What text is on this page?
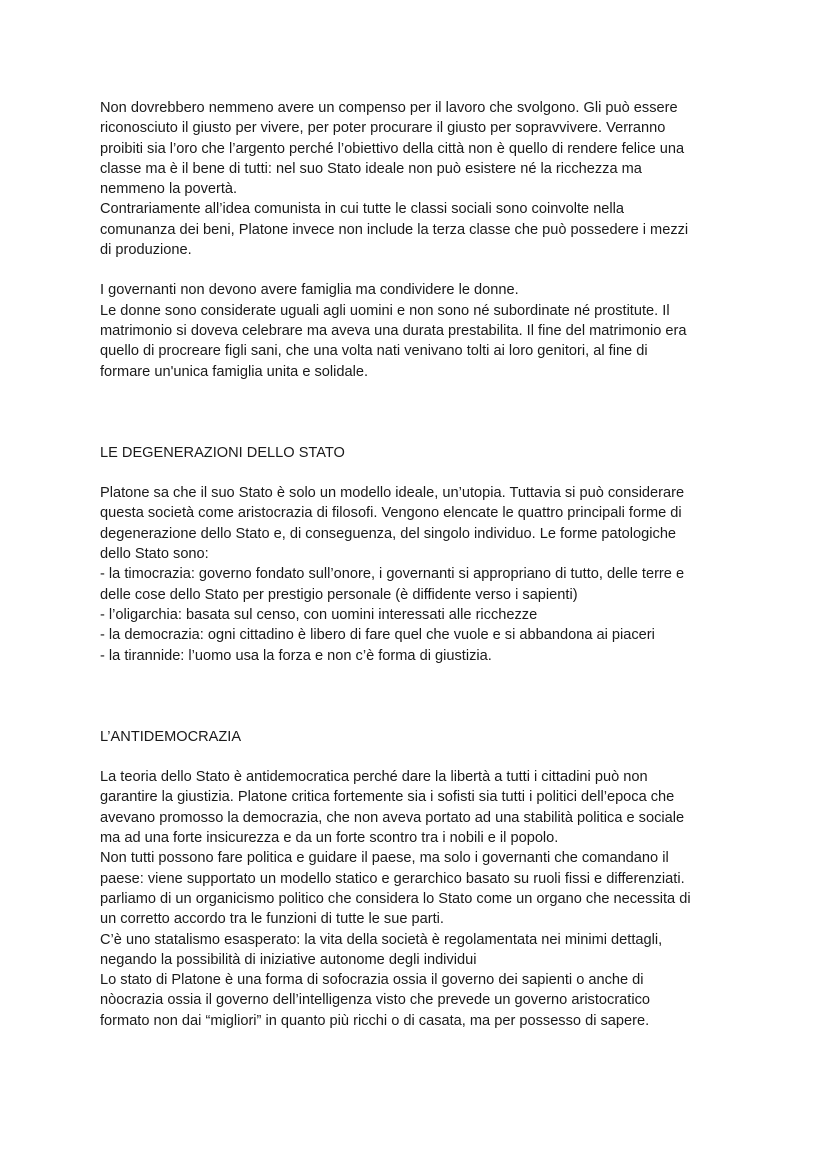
Non dovrebbero nemmeno avere un compenso per il lavoro che svolgono. Gli può essere
riconosciuto il giusto per vivere, per poter procurare il giusto per sopravvivere. Verranno
proibiti sia l’oro che l’argento perché l’obiettivo della città non è quello di rendere felice una
classe ma è il bene di tutti: nel suo Stato ideale non può esistere né la ricchezza ma
nemmeno la povertà.

Contrariamente all’idea comunista in cui tutte le classi sociali sono coinvolte nella
comunanza dei beni, Platone invece non include la terza classe che può possedere i mezzi
di produzione.

I governanti non devono avere famiglia ma condividere le donne.

Le donne sono considerate uguali agli uomini e non sono né subordinate né prostitute. Il
matrimonio si doveva celebrare ma aveva una durata prestabilita. Il fine del matrimonio era
quello di procreare figli sani, che una volta nati venivano tolti ai loro genitori, al fine di
formare un'unica famiglia unita e solidale.

LE DEGENERAZIONI DELLO STATO

Platone sa che il suo Stato è solo un modello ideale, un’utopia. Tuttavia si può considerare
questa società come aristocrazia di filosofi. Vengono elencate le quattro principali forme di
degenerazione dello Stato e, di conseguenza, del singolo individuo. Le forme patologiche
dello Stato sono:

- la timocrazia: governo fondato sull’onore, i governanti si appropriano di tutto, delle terre e
delle cose dello Stato per prestigio personale (è diffidente verso i sapienti)
- l’oligarchia: basata sul censo, con uomini interessati alle ricchezze
- la democrazia: ogni cittadino è libero di fare quel che vuole e si abbandona ai piaceri
- la tirannide: l’uomo usa la forza e non c’è forma di giustizia.
L’ANTIDEMOCRAZIA

La teoria dello Stato è antidemocratica perché dare la libertà a tutti i cittadini può non
garantire la giustizia. Platone critica fortemente sia i sofisti sia tutti i politici dell’epoca che
avevano promosso la democrazia, che non aveva portato ad una stabilità politica e sociale
ma ad una forte insicurezza e da un forte scontro tra i nobili e il popolo.

Non tutti possono fare politica e guidare il paese, ma solo i governanti che comandano il
paese: viene supportato un modello statico e gerarchico basato su ruoli fissi e differenziati.
parliamo di un organicismo politico che considera lo Stato come un organo che necessita di
un corretto accordo tra le funzioni di tutte le sue parti.

C’è uno statalismo esasperato: la vita della società è regolamentata nei minimi dettagli,
negando la possibilità di iniziative autonome degli individui

Lo stato di Platone è una forma di sofocrazia ossia il governo dei sapienti o anche di
nòocrazia ossia il governo dell’intelligenza visto che prevede un governo aristocratico
formato non dai “migliori” in quanto più ricchi o di casata, ma per possesso di sapere.
